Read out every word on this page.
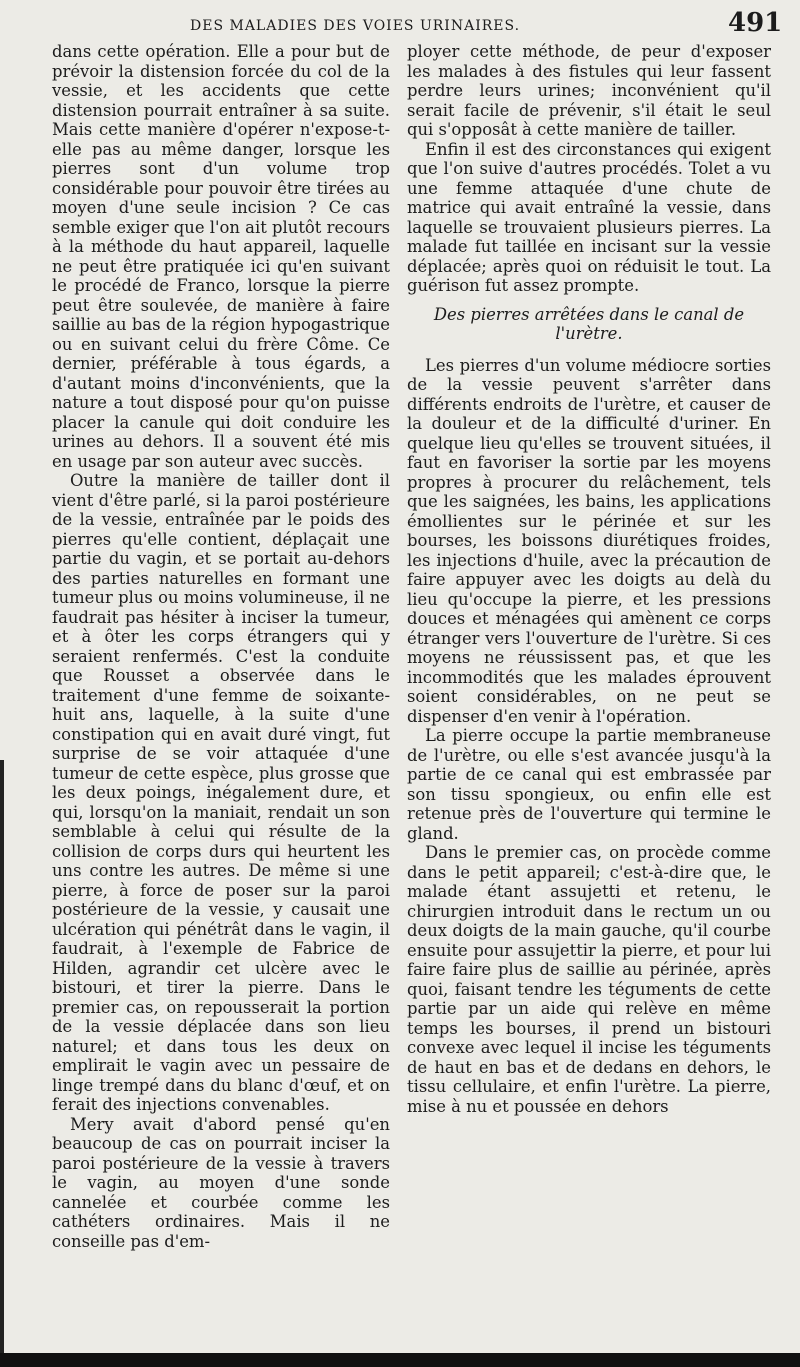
DES MALADIES DES VOIES URINAIRES.	491

dans cette opération. Elle a pour but de prévoir la distension forcée du col de la vessie, et les accidents que cette distension pourrait entraîner à sa suite. Mais cette manière d'opérer n'expose-t-elle pas au même danger, lorsque les pierres sont d'un volume trop considérable pour pouvoir être tirées au moyen d'une seule incision ? Ce cas semble exiger que l'on ait plutôt recours à la méthode du haut appareil, laquelle ne peut être pratiquée ici qu'en suivant le procédé de Franco, lorsque la pierre peut être soulevée, de manière à faire saillie au bas de la région hypogastrique ou en suivant celui du frère Côme. Ce dernier, préférable à tous égards, a d'autant moins d'inconvénients, que la nature a tout disposé pour qu'on puisse placer la canule qui doit conduire les urines au dehors. Il a souvent été mis en usage par son auteur avec succès.

Outre la manière de tailler dont il vient d'être parlé, si la paroi postérieure de la vessie, entraînée par le poids des pierres qu'elle contient, déplaçait une partie du vagin, et se portait au-dehors des parties naturelles en formant une tumeur plus ou moins volumineuse, il ne faudrait pas hésiter à inciser la tumeur, et à ôter les corps étrangers qui y seraient renfermés. C'est la conduite que Rousset a observée dans le traitement d'une femme de soixante-huit ans, laquelle, à la suite d'une constipation qui en avait duré vingt, fut surprise de se voir attaquée d'une tumeur de cette espèce, plus grosse que les deux poings, inégalement dure, et qui, lorsqu'on la maniait, rendait un son semblable à celui qui résulte de la collision de corps durs qui heurtent les uns contre les autres. De même si une pierre, à force de poser sur la paroi postérieure de la vessie, y causait une ulcération qui pénétrât dans le vagin, il faudrait, à l'exemple de Fabrice de Hilden, agrandir cet ulcère avec le bistouri, et tirer la pierre. Dans le premier cas, on repousserait la portion de la vessie déplacée dans son lieu naturel; et dans tous les deux on emplirait le vagin avec un pessaire de linge trempé dans du blanc d'œuf, et on ferait des injections convenables.

Mery avait d'abord pensé qu'en beaucoup de cas on pourrait inciser la paroi postérieure de la vessie à travers le vagin, au moyen d'une sonde cannelée et courbée comme les cathéters ordinaires. Mais il ne conseille pas d'em-

ployer cette méthode, de peur d'exposer les malades à des fistules qui leur fassent perdre leurs urines; inconvénient qu'il serait facile de prévenir, s'il était le seul qui s'opposât à cette manière de tailler.

Enfin il est des circonstances qui exigent que l'on suive d'autres procédés. Tolet a vu une femme attaquée d'une chute de matrice qui avait entraîné la vessie, dans laquelle se trouvaient plusieurs pierres. La malade fut taillée en incisant sur la vessie déplacée; après quoi on réduisit le tout. La guérison fut assez prompte.

Des pierres arrêtées dans le canal de l'urètre.

Les pierres d'un volume médiocre sorties de la vessie peuvent s'arrêter dans différents endroits de l'urètre, et causer de la douleur et de la difficulté d'uriner. En quelque lieu qu'elles se trouvent situées, il faut en favoriser la sortie par les moyens propres à procurer du relâchement, tels que les saignées, les bains, les applications émollientes sur le périnée et sur les bourses, les boissons diurétiques froides, les injections d'huile, avec la précaution de faire appuyer avec les doigts au delà du lieu qu'occupe la pierre, et les pressions douces et ménagées qui amènent ce corps étranger vers l'ouverture de l'urètre. Si ces moyens ne réussissent pas, et que les incommodités que les malades éprouvent soient considérables, on ne peut se dispenser d'en venir à l'opération.

La pierre occupe la partie membraneuse de l'urètre, ou elle s'est avancée jusqu'à la partie de ce canal qui est embrassée par son tissu spongieux, ou enfin elle est retenue près de l'ouverture qui termine le gland.

Dans le premier cas, on procède comme dans le petit appareil; c'est-à-dire que, le malade étant assujetti et retenu, le chirurgien introduit dans le rectum un ou deux doigts de la main gauche, qu'il courbe ensuite pour assujettir la pierre, et pour lui faire faire plus de saillie au périnée, après quoi, faisant tendre les téguments de cette partie par un aide qui relève en même temps les bourses, il prend un bistouri convexe avec lequel il incise les téguments de haut en bas et de dedans en dehors, le tissu cellulaire, et enfin l'urètre. La pierre, mise à nu et poussée en dehors
